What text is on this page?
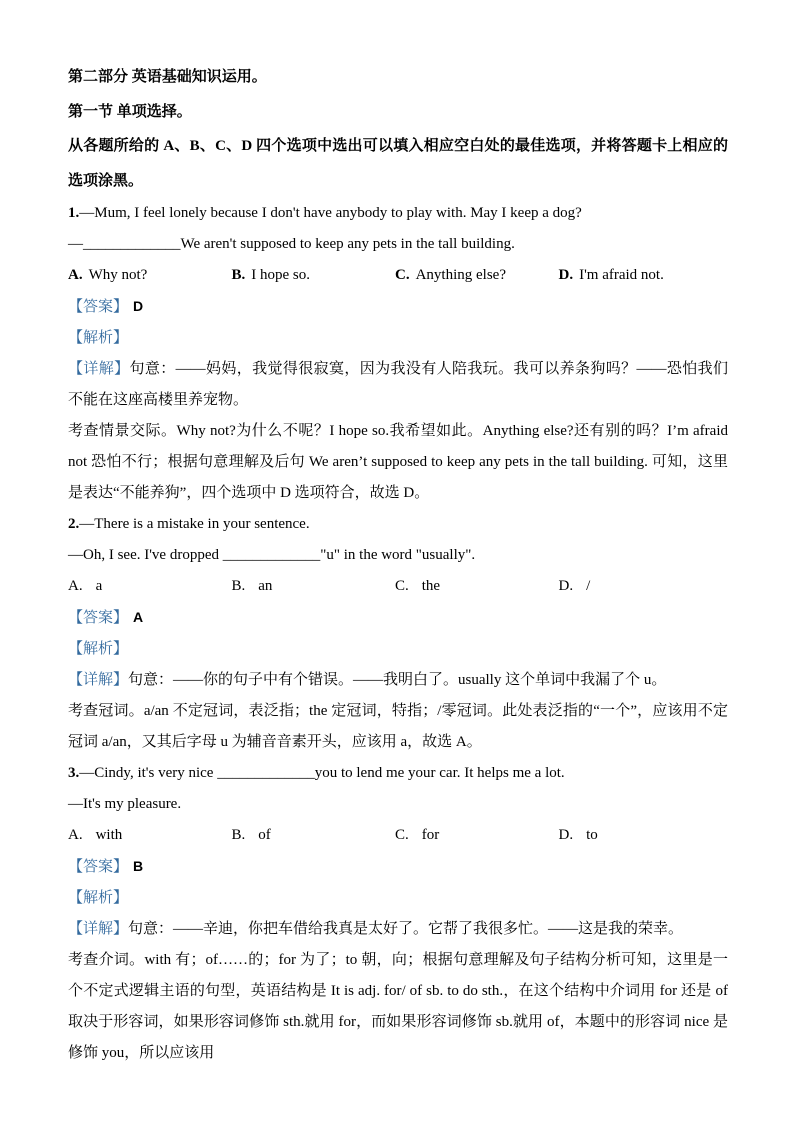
第二部分 英语基础知识运用。

第一节 单项选择。

从各题所给的 A、B、C、D 四个选项中选出可以填入相应空白处的最佳选项，并将答题卡上相应的选项涂黑。

1.—Mum, I feel lonely because I don't have anybody to play with. May I keep a dog?

—_____________We aren't supposed to keep any pets in the tall building.

A. Why not?	B. I hope so.	C. Anything else?	D. I'm afraid not.

【答案】 D

【解析】

【详解】句意：——妈妈，我觉得很寂寞，因为我没有人陪我玩。我可以养条狗吗？——恐怕我们不能在这座高楼里养宠物。

考查情景交际。Why not?为什么不呢？I hope so.我希望如此。Anything else?还有别的吗？I’m afraid not 恐怕不行；根据句意理解及后句 We aren’t supposed to keep any pets in the tall building. 可知，这里是表达“不能养狗”，四个选项中 D 选项符合，故选 D。

2.—There is a mistake in your sentence.

—Oh, I see. I've dropped _____________"u" in the word "usually".

A. a	B. an	C. the	D. /

【答案】 A

【解析】

【详解】句意：——你的句子中有个错误。——我明白了。usually 这个单词中我漏了个 u。

考查冠词。a/an 不定冠词，表泛指；the 定冠词，特指；/零冠词。此处表泛指的“一个”，应该用不定冠词 a/an，又其后字母 u 为辅音音素开头，应该用 a，故选 A。

3.—Cindy, it's very nice _____________you to lend me your car. It helps me a lot.

—It's my pleasure.

A. with	B. of	C. for	D. to

【答案】 B

【解析】

【详解】句意：——辛迪，你把车借给我真是太好了。它帮了我很多忙。——这是我的荣幸。

考查介词。with 有；of……的；for 为了；to 朝，向；根据句意理解及句子结构分析可知，这里是一个不定式逻辑主语的句型，英语结构是 It is adj. for/ of sb. to do sth.，在这个结构中介词用 for 还是 of 取决于形容词，如果形容词修饰 sth.就用 for，而如果形容词修饰 sb.就用 of，本题中的形容词 nice 是修饰 you，所以应该用
